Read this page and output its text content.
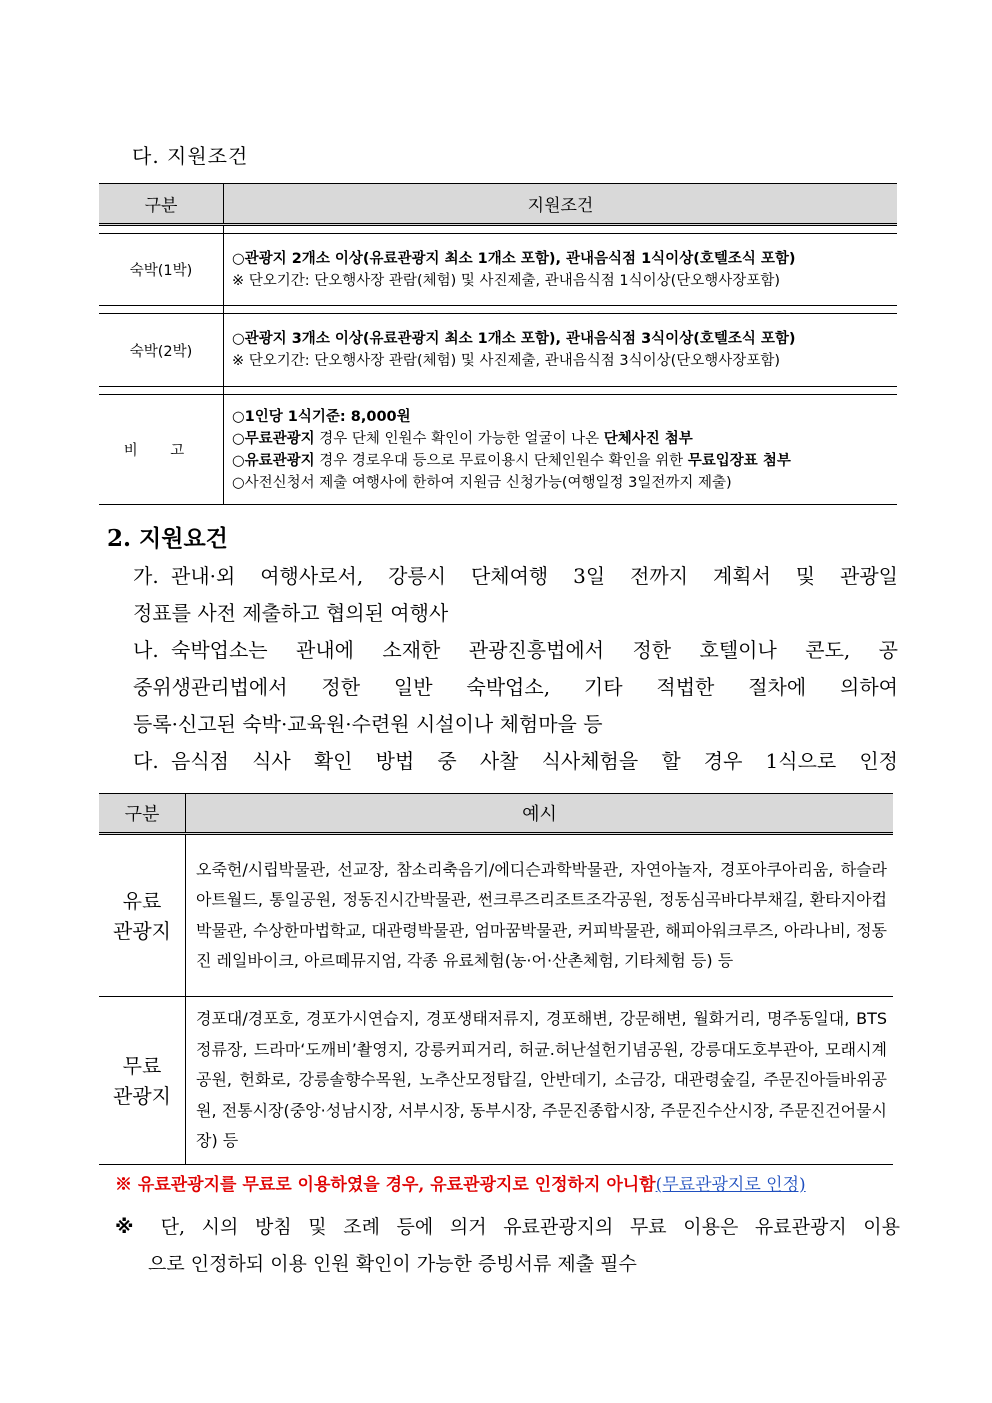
다. 지원조건
구분	지원조건

숙박(1박)	○관광지 2개소 이상(유료관광지 최소 1개소 포함), 관내음식점 1식이상(호텔조식 포함)
※ 단오기간: 단오행사장 관람(체험) 및 사진제출, 관내음식점 1식이상(단오행사장포함)

숙박(2박)	○관광지 3개소 이상(유료관광지 최소 1개소 포함), 관내음식점 3식이상(호텔조식 포함)
※ 단오기간: 단오행사장 관람(체험) 및 사진제출, 관내음식점 3식이상(단오행사장포함)

비 고	○1인당 1식기준: 8,000원
○무료관광지 경우 단체 인원수 확인이 가능한 얼굴이 나온 단체사진 첨부
○유료관광지 경우 경로우대 등으로 무료이용시 단체인원수 확인을 위한 무료입장표 첨부
○사전신청서 제출 여행사에 한하여 지원금 신청가능(여행일정 3일전까지 제출)
2. 지원요건
가. 관내·외 여행사로서, 강릉시 단체여행 3일 전까지 계획서 및 관광일
정표를 사전 제출하고 협의된 여행사
나. 숙박업소는 관내에 소재한 관광진흥법에서 정한 호텔이나 콘도, 공
중위생관리법에서 정한 일반 숙박업소, 기타 적법한 절차에 의하여
등록·신고된 숙박·교육원·수련원 시설이나 체험마을 등
다. 음식점 식사 확인 방법 중 사찰 식사체험을 할 경우 1식으로 인정
구분	예시

유료
관광지	오죽헌/시립박물관, 선교장, 참소리축음기/에디슨과학박물관, 자연아놀자, 경포아쿠아리움, 하슬라아트월드, 통일공원, 정동진시간박물관, 썬크루즈리조트조각공원, 정동심곡바다부채길, 환타지아컵박물관, 수상한마법학교, 대관령박물관, 엄마꿈박물관, 커피박물관, 해피아워크루즈, 아라나비, 정동진 레일바이크, 아르떼뮤지엄, 각종 유료체험(농·어·산촌체험, 기타체험 등) 등

무료
관광지	경포대/경포호, 경포가시연습지, 경포생태저류지, 경포해변, 강문해변, 월화거리, 명주동일대, BTS정류장, 드라마‘도깨비’촬영지, 강릉커피거리, 허균.허난설헌기념공원, 강릉대도호부관아, 모래시계공원, 헌화로, 강릉솔향수목원, 노추산모정탑길, 안반데기, 소금강, 대관령숲길, 주문진아들바위공원, 전통시장(중앙·성남시장, 서부시장, 동부시장, 주문진종합시장, 주문진수산시장, 주문진건어물시장) 등
※ 유료관광지를 무료로 이용하였을 경우, 유료관광지로 인정하지 아니함(무료관광지로 인정)
※ 단, 시의 방침 및 조례 등에 의거 유료관광지의 무료 이용은 유료관광지 이용
으로 인정하되 이용 인원 확인이 가능한 증빙서류 제출 필수
